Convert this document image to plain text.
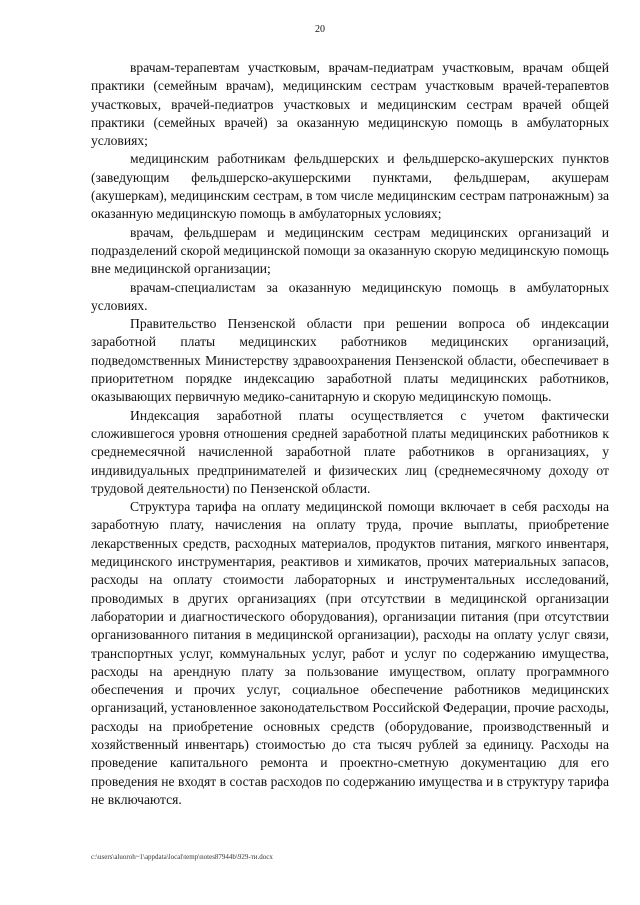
20

врачам-терапевтам участковым, врачам-педиатрам участковым, врачам общей практики (семейным врачам), медицинским сестрам участковым врачей-терапевтов участковых, врачей-педиатров участковых и медицинским сестрам врачей общей практики (семейных врачей) за оказанную медицинскую помощь в амбулаторных условиях;

медицинским работникам фельдшерских и фельдшерско-акушерских пунктов (заведующим фельдшерско-акушерскими пунктами, фельдшерам, акушерам (акушеркам), медицинским сестрам, в том числе медицинским сестрам патронажным) за оказанную медицинскую помощь в амбулаторных условиях;

врачам, фельдшерам и медицинским сестрам медицинских организаций и подразделений скорой медицинской помощи за оказанную скорую медицинскую помощь вне медицинской организации;

врачам-специалистам за оказанную медицинскую помощь в амбулаторных условиях.

Правительство Пензенской области при решении вопроса об индексации заработной платы медицинских работников медицинских организаций, подведомственных Министерству здравоохранения Пензенской области, обеспечивает в приоритетном порядке индексацию заработной платы медицинских работников, оказывающих первичную медико-санитарную и скорую медицинскую помощь.

Индексация заработной платы осуществляется с учетом фактически сложившегося уровня отношения средней заработной платы медицинских работников к среднемесячной начисленной заработной плате работников в организациях, у индивидуальных предпринимателей и физических лиц (среднемесячному доходу от трудовой деятельности) по Пензенской области.

Структура тарифа на оплату медицинской помощи включает в себя расходы на заработную плату, начисления на оплату труда, прочие выплаты, приобретение лекарственных средств, расходных материалов, продуктов питания, мягкого инвентаря, медицинского инструментария, реактивов и химикатов, прочих материальных запасов, расходы на оплату стоимости лабораторных и инструментальных исследований, проводимых в других организациях (при отсутствии в медицинской организации лаборатории и диагностического оборудования), организации питания (при отсутствии организованного питания в медицинской организации), расходы на оплату услуг связи, транспортных услуг, коммунальных услуг, работ и услуг по содержанию имущества, расходы на арендную плату за пользование имуществом, оплату программного обеспечения и прочих услуг, социальное обеспечение работников медицинских организаций, установленное законодательством Российской Федерации, прочие расходы, расходы на приобретение основных средств (оборудование, производственный и хозяйственный инвентарь) стоимостью до ста тысяч рублей за единицу. Расходы на проведение капитального ремонта и проектно-сметную документацию для его проведения не входят в состав расходов по содержанию имущества и в структуру тарифа не включаются.

c:\users\aluoroh~1\appdata\local\temp\notes87944b\929-ти.docx
